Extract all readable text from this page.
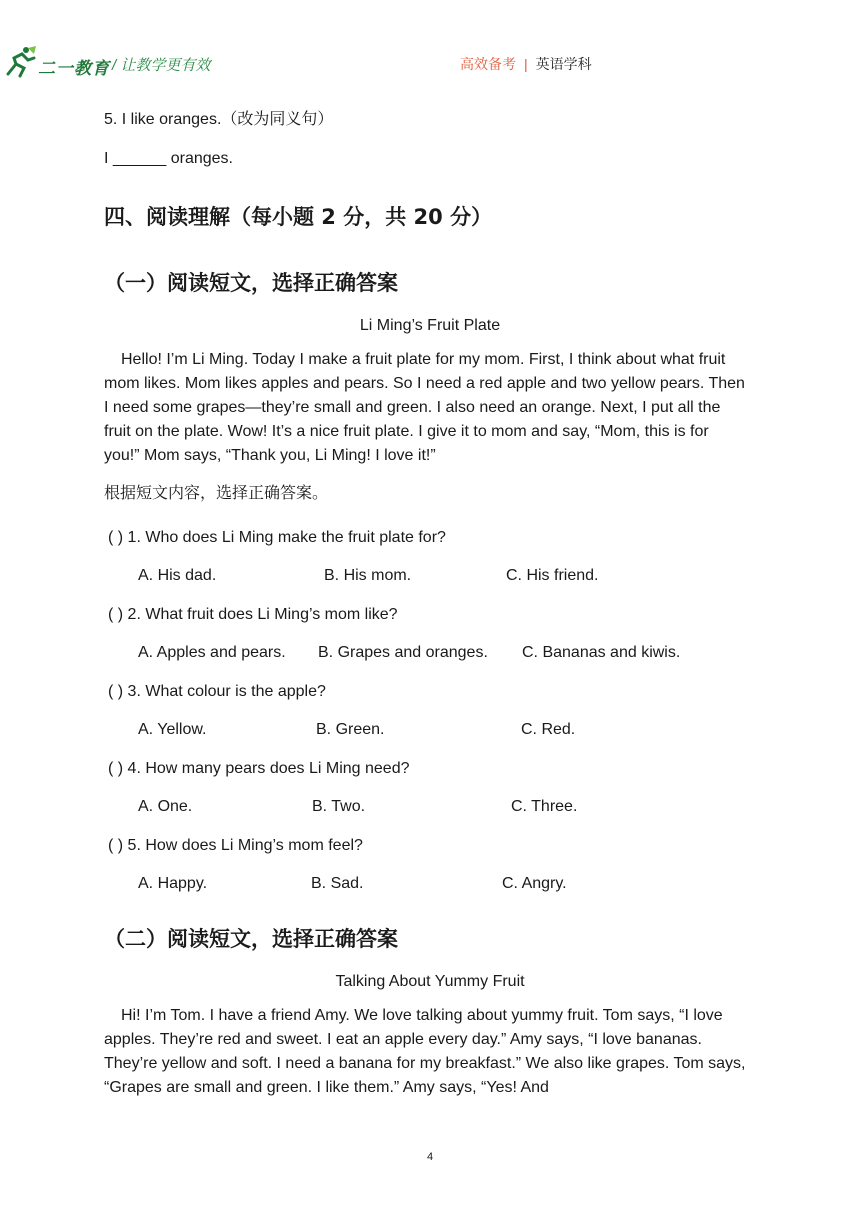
二一教育 / 让教学更有效	高效备考 | 英语学科
5. I like oranges.（改为同义句）
I ______ oranges.
四、阅读理解（每小题 2 分，共 20 分）
（一）阅读短文，选择正确答案
Li Ming’s Fruit Plate
Hello! I’m Li Ming. Today I make a fruit plate for my mom. First, I think about what fruit mom likes. Mom likes apples and pears. So I need a red apple and two yellow pears. Then I need some grapes—they’re small and green. I also need an orange. Next, I put all the fruit on the plate. Wow! It’s a nice fruit plate. I give it to mom and say, “Mom, this is for you!” Mom says, “Thank you, Li Ming! I love it!”
根据短文内容，选择正确答案。
( ) 1. Who does Li Ming make the fruit plate for?
A. His dad.	B. His mom.	C. His friend.
( ) 2. What fruit does Li Ming’s mom like?
A. Apples and pears. B. Grapes and oranges. C. Bananas and kiwis.
( ) 3. What colour is the apple?
A. Yellow.	B. Green.	C. Red.
( ) 4. How many pears does Li Ming need?
A. One.	B. Two.	C. Three.
( ) 5. How does Li Ming’s mom feel?
A. Happy.	B. Sad.	C. Angry.
（二）阅读短文，选择正确答案
Talking About Yummy Fruit
Hi! I’m Tom. I have a friend Amy. We love talking about yummy fruit. Tom says, “I love apples. They’re red and sweet. I eat an apple every day.” Amy says, “I love bananas. They’re yellow and soft. I need a banana for my breakfast.” We also like grapes. Tom says, “Grapes are small and green. I like them.” Amy says, “Yes! And
4
